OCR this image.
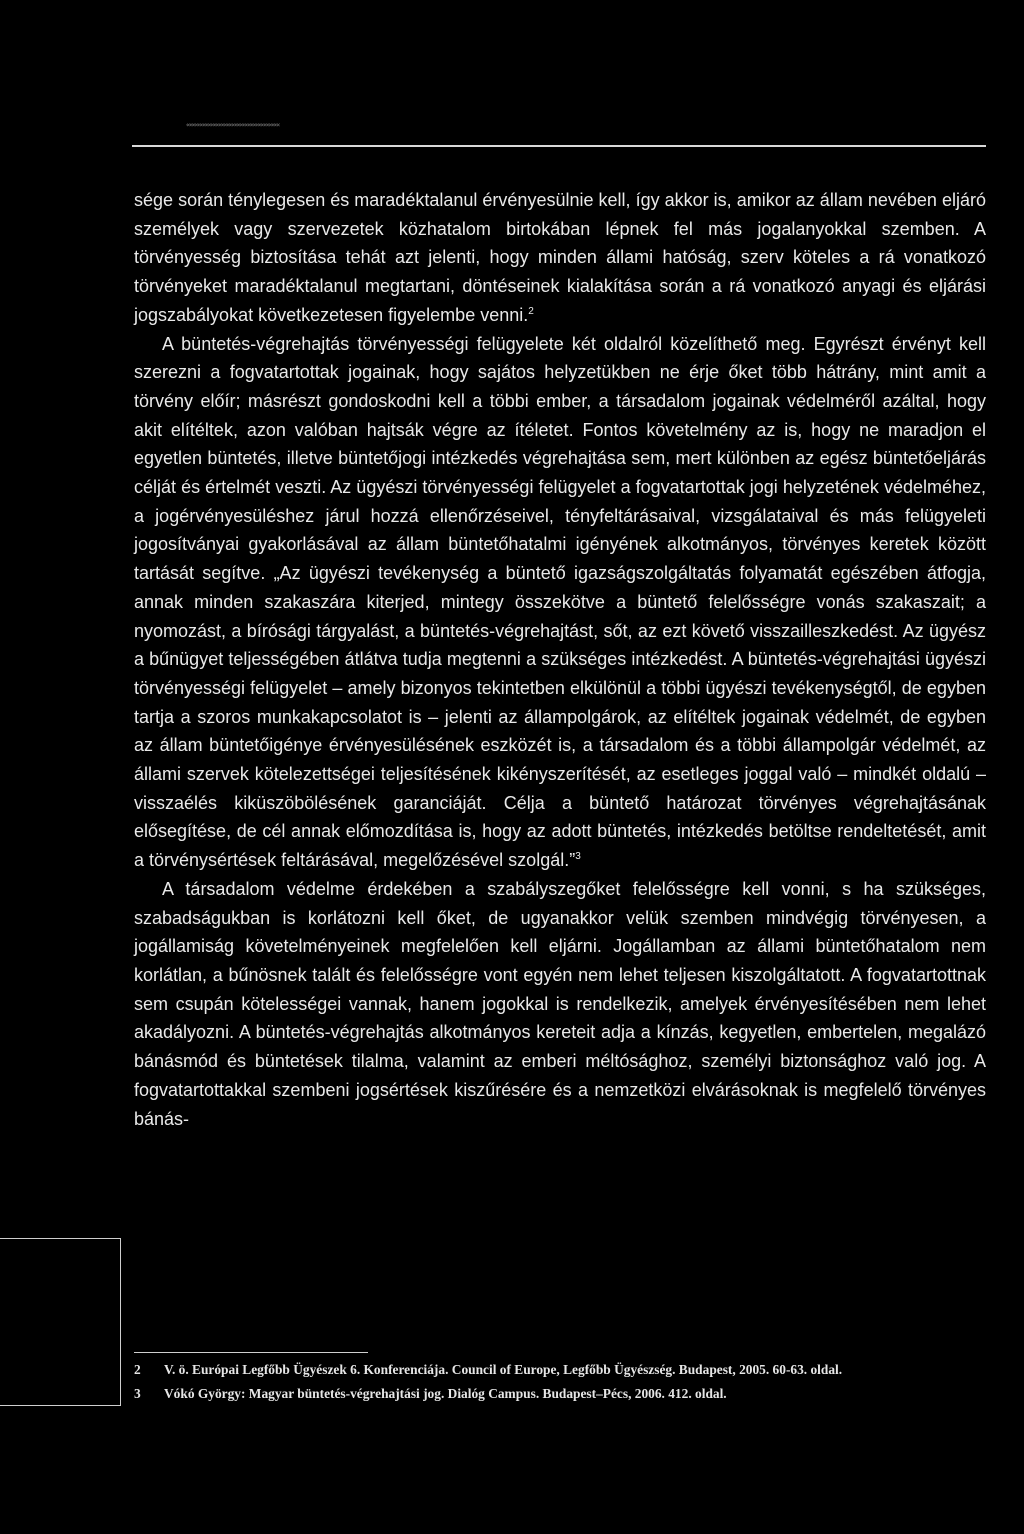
«««««««««««««««««««««««««««««

sége során ténylegesen és maradéktalanul érvényesülnie kell, így akkor is, amikor az állam nevében eljáró személyek vagy szervezetek közhatalom birtokában lépnek fel más jogalanyokkal szemben. A törvényesség biztosítása tehát azt jelenti, hogy minden állami hatóság, szerv köteles a rá vonatkozó törvényeket maradéktalanul megtartani, döntéseinek kialakítása során a rá vonatkozó anyagi és eljárási jogszabályokat következetesen figyelembe venni.$^2$

A büntetés-végrehajtás törvényességi felügyelete két oldalról közelíthető meg. Egyrészt érvényt kell szerezni a fogvatartottak jogainak, hogy sajátos helyzetükben ne érje őket több hátrány, mint amit a törvény előír; másrészt gondoskodni kell a többi ember, a társadalom jogainak védelméről azáltal, hogy akit elítéltek, azon valóban hajtsák végre az ítéletet. Fontos követelmény az is, hogy ne maradjon el egyetlen büntetés, illetve büntetőjogi intézkedés végrehajtása sem, mert különben az egész büntetőeljárás célját és értelmét veszti. Az ügyészi törvényességi felügyelet a fogvatartottak jogi helyzetének védelméhez, a jogérvényesüléshez járul hozzá ellenőrzéseivel, tényfeltárásaival, vizsgálataival és más felügyeleti jogosítványai gyakorlásával az állam büntetőhatalmi igényének alkotmányos, törvényes keretek között tartását segítve. „Az ügyészi tevékenység a büntető igazságszolgáltatás folyamatát egészében átfogja, annak minden szakaszára kiterjed, mintegy összekötve a büntető felelősségre vonás szakaszait; a nyomozást, a bírósági tárgyalást, a büntetés-végrehajtást, sőt, az ezt követő visszailleszkedést. Az ügyész a bűnügyet teljességében átlátva tudja megtenni a szükséges intézkedést. A büntetés-végrehajtási ügyészi törvényességi felügyelet – amely bizonyos tekintetben elkülönül a többi ügyészi tevékenységtől, de egyben tartja a szoros munkakapcsolatot is – jelenti az állampolgárok, az elítéltek jogainak védelmét, de egyben az állam büntetőigénye érvényesülésének eszközét is, a társadalom és a többi állampolgár védelmét, az állami szervek kötelezettségei teljesítésének kikényszerítését, az esetleges joggal való – mindkét oldalú – visszaélés kiküszöbölésének garanciáját. Célja a büntető határozat törvényes végrehajtásának elősegítése, de cél annak előmozdítása is, hogy az adott büntetés, intézkedés betöltse rendeltetését, amit a törvénysértések feltárásával, megelőzésével szolgál.”$^3$

A társadalom védelme érdekében a szabályszegőket felelősségre kell vonni, s ha szükséges, szabadságukban is korlátozni kell őket, de ugyanakkor velük szemben mindvégig törvényesen, a jogállamiság követelményeinek megfelelően kell eljárni. Jogállamban az állami büntetőhatalom nem korlátlan, a bűnösnek talált és felelősségre vont egyén nem lehet teljesen kiszolgáltatott. A fogvatartottnak sem csupán kötelességei vannak, hanem jogokkal is rendelkezik, amelyek érvényesítésében nem lehet akadályozni. A büntetés-végrehajtás alkotmányos kereteit adja a kínzás, kegyetlen, embertelen, megalázó bánásmód és büntetések tilalma, valamint az emberi méltósághoz, személyi biztonsághoz való jog. A fogvatartottakkal szembeni jogsértések kiszűrésére és a nemzetközi elvárásoknak is megfelelő törvényes bánás-

2	V. ö. Európai Legfőbb Ügyészek 6. Konferenciája. Council of Europe, Legfőbb Ügyészség. Budapest, 2005. 60-63. oldal.
3	Vókó György: Magyar büntetés-végrehajtási jog. Dialóg Campus. Budapest–Pécs, 2006. 412. oldal.
